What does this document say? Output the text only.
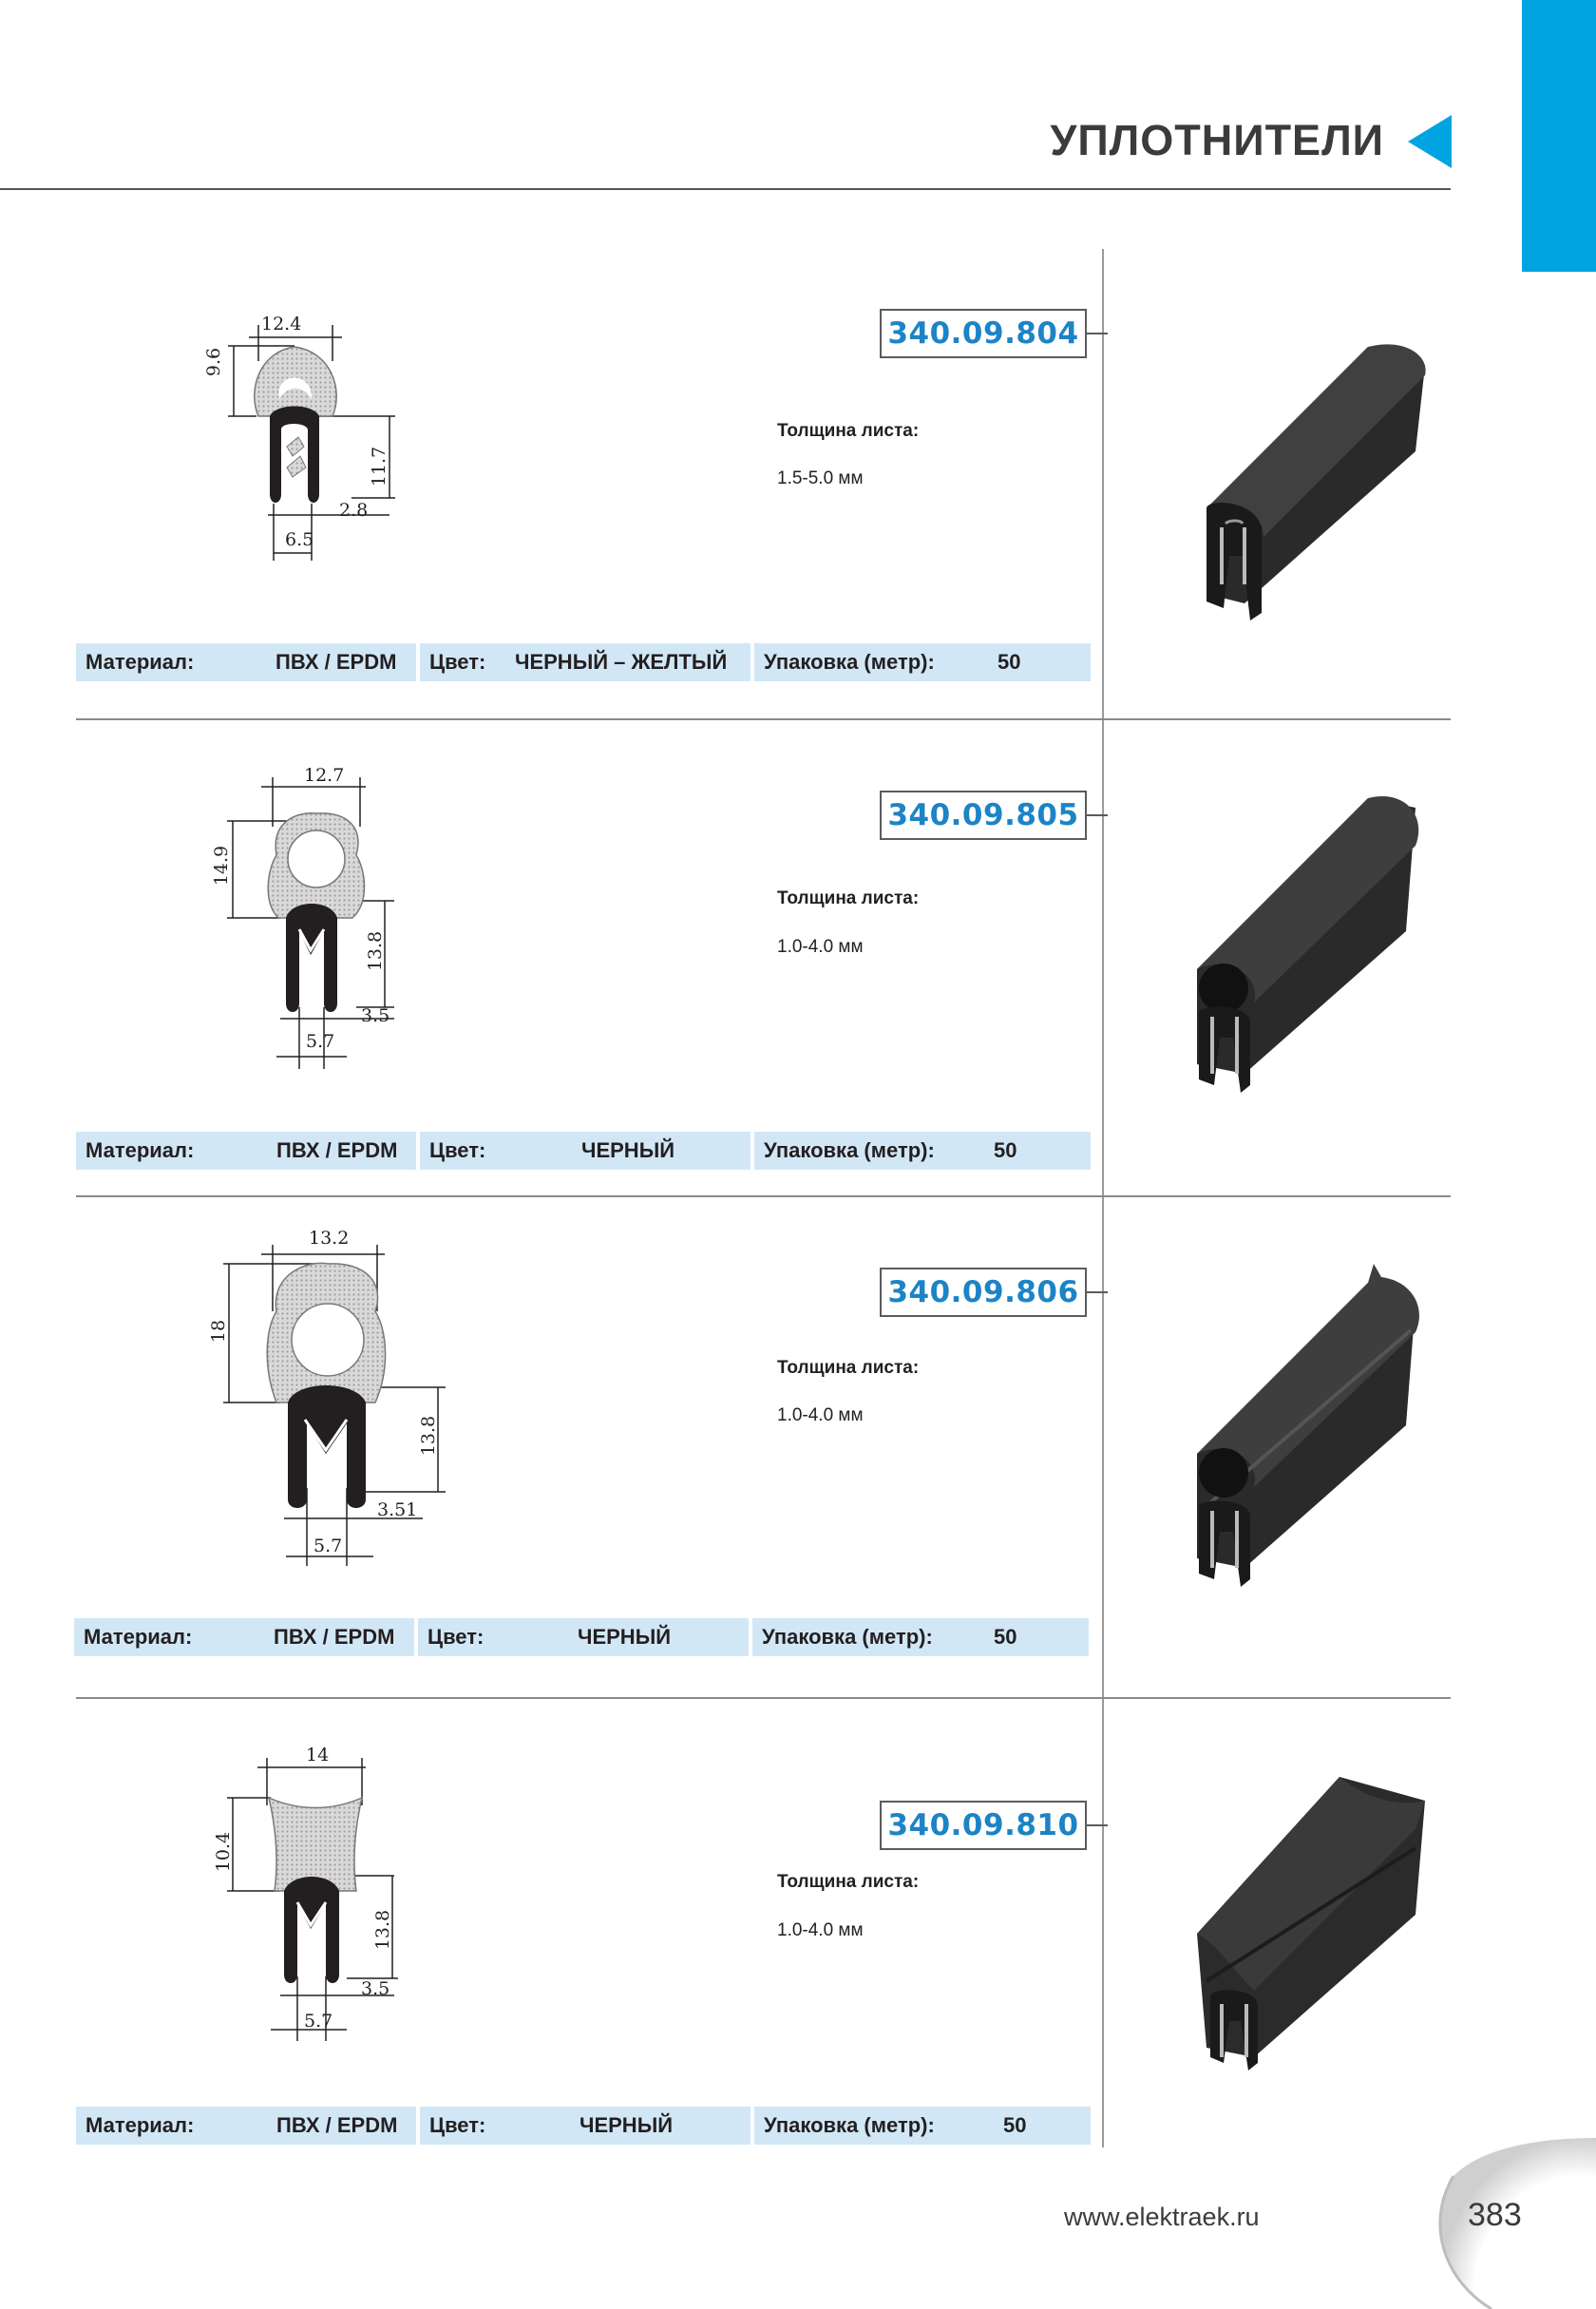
УПЛОТНИТЕЛИ
12.4
9.6
11.7
2.8
6.5
340.09.804
Толщина листа:
1.5-5.0 мм
Материал:	ПВХ / EPDM Цвет: ЧЕРНЫЙ – ЖЕЛТЫЙ Упаковка (метр):	50
12.7
14.9
13.8
3.5
5.7
340.09.805
Толщина листа:
1.0-4.0 мм
Материал:	ПВХ / EPDM Цвет:	ЧЕРНЫЙ	Упаковка (метр):	50
13.2
18
13.8
3.51
5.7
340.09.806
Толщина листа:
1.0-4.0 мм
Материал:	ПВХ / EPDM Цвет:	ЧЕРНЫЙ	Упаковка (метр):	50
14
10.4
13.8
3.5
5.7
340.09.810
Толщина листа:
1.0-4.0 мм
Материал:	ПВХ / EPDM Цвет:	ЧЕРНЫЙ	Упаковка (метр):	50
www.elektraek.ru	383
